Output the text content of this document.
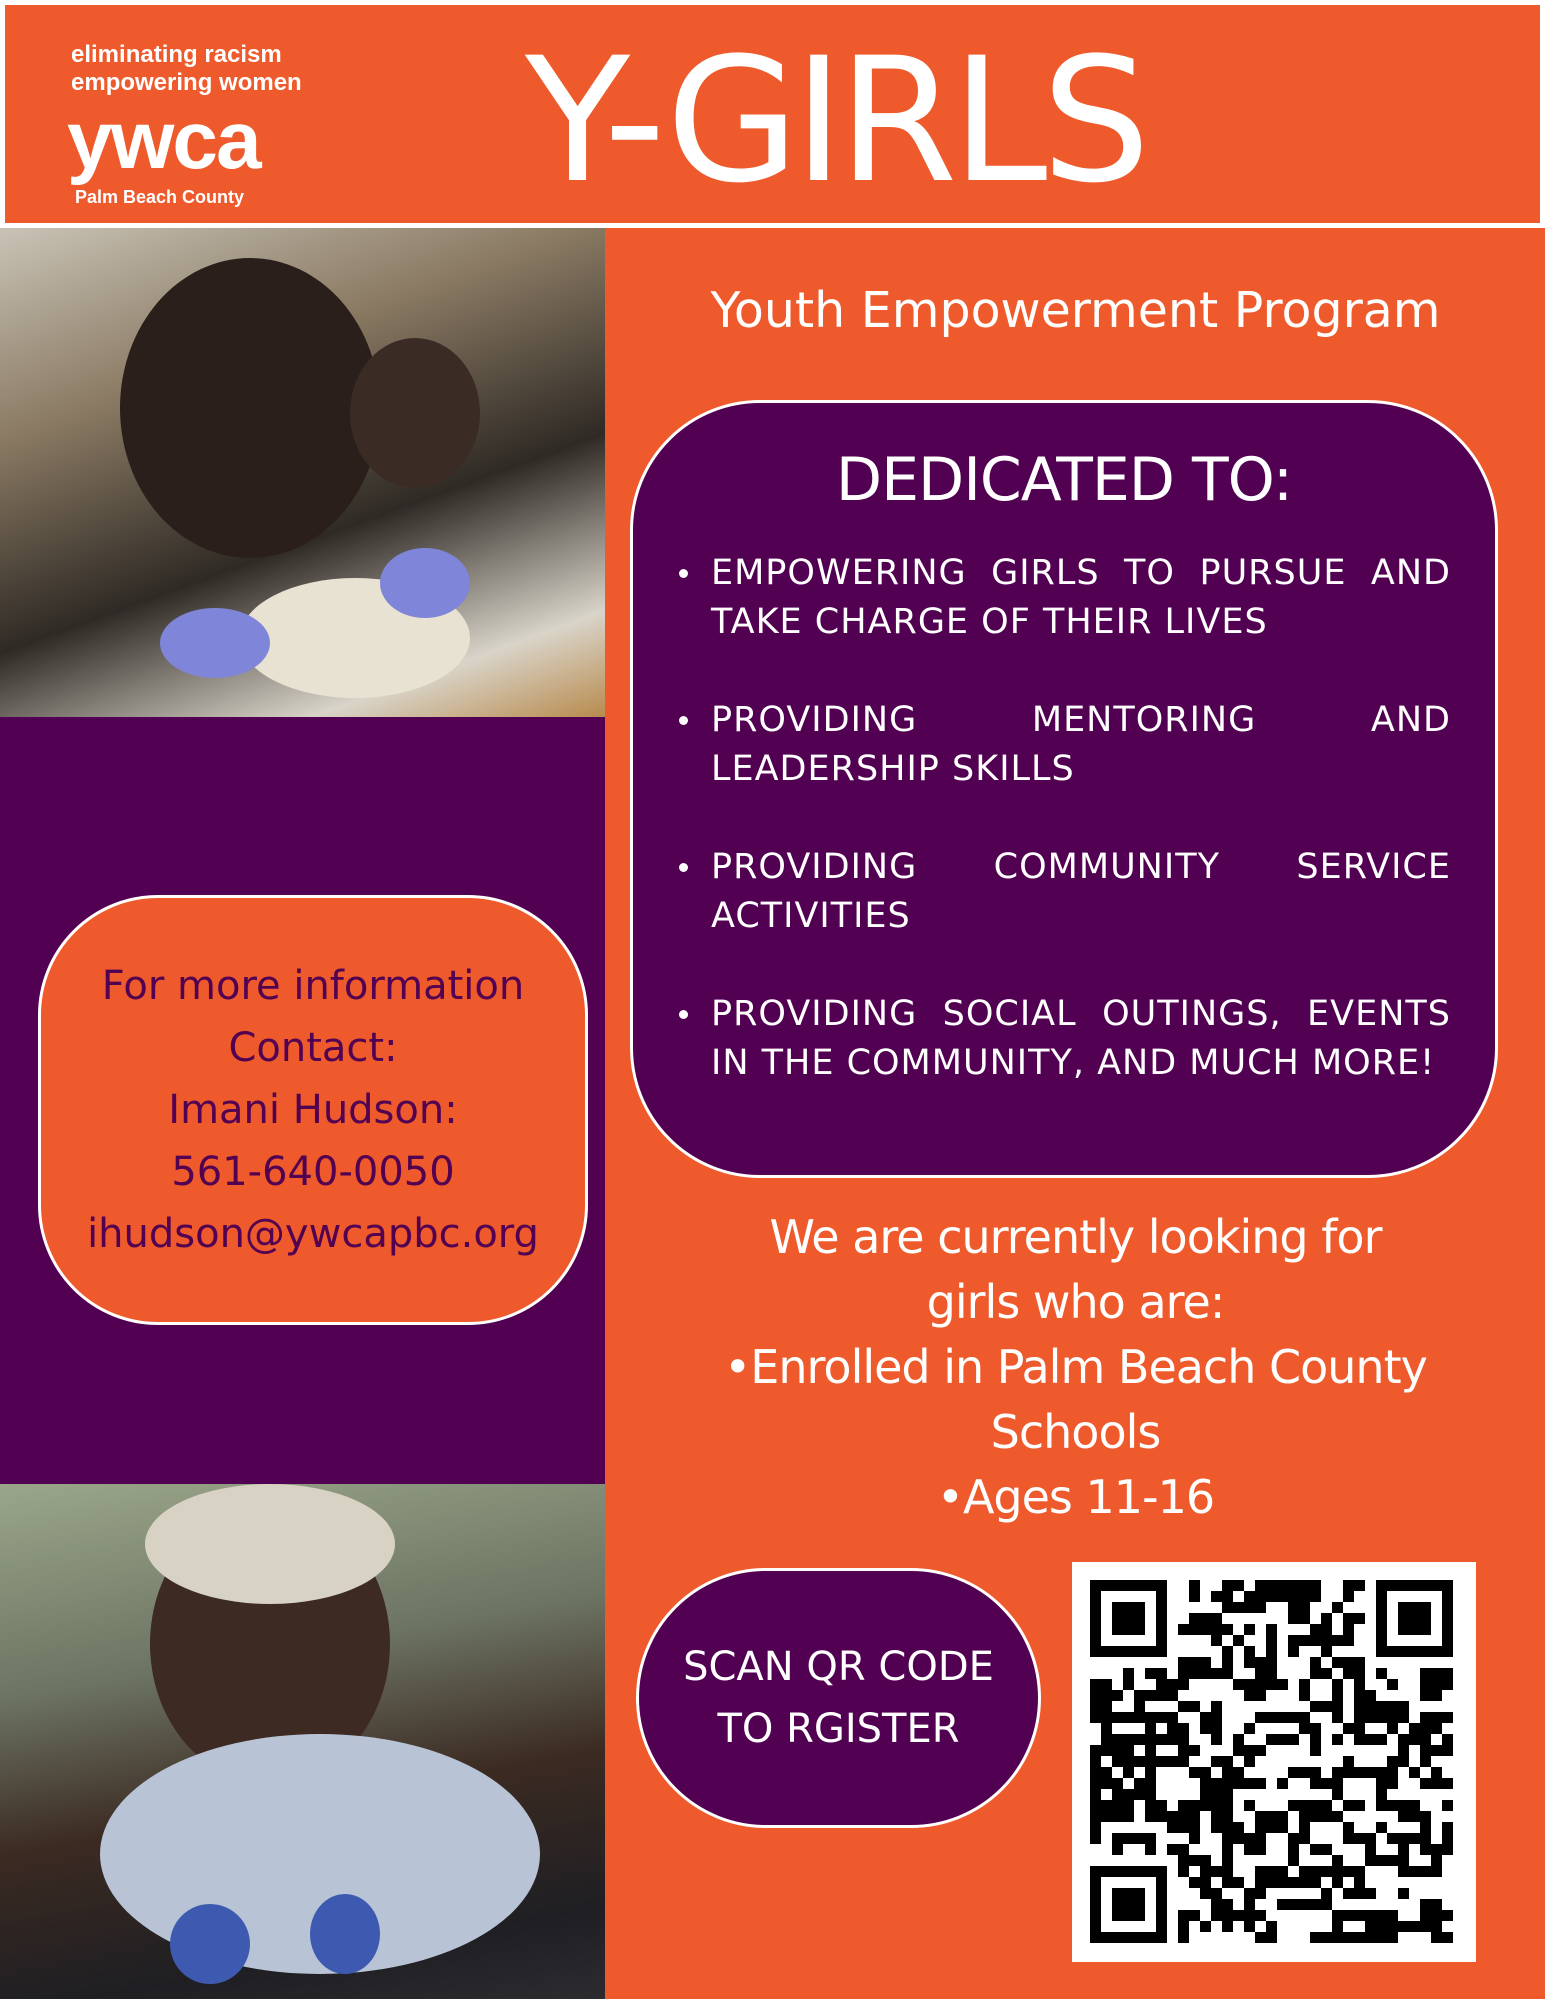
eliminating racism
empowering women
ywca
Palm Beach County Y-GIRLS
For more information
Contact:
Imani Hudson:
561-640-0050
ihudson@ywcapbc.org
Youth Empowerment Program
DEDICATED TO:
EMPOWERING GIRLS TO PURSUE AND TAKE CHARGE OF THEIR LIVES
PROVIDING MENTORING AND LEADERSHIP SKILLS
PROVIDING COMMUNITY SERVICE ACTIVITIES
PROVIDING SOCIAL OUTINGS, EVENTS IN THE COMMUNITY, AND MUCH MORE!
We are currently looking for
girls who are:
•Enrolled in Palm Beach County
Schools
•Ages 11-16
SCAN QR CODE
TO RGISTER
